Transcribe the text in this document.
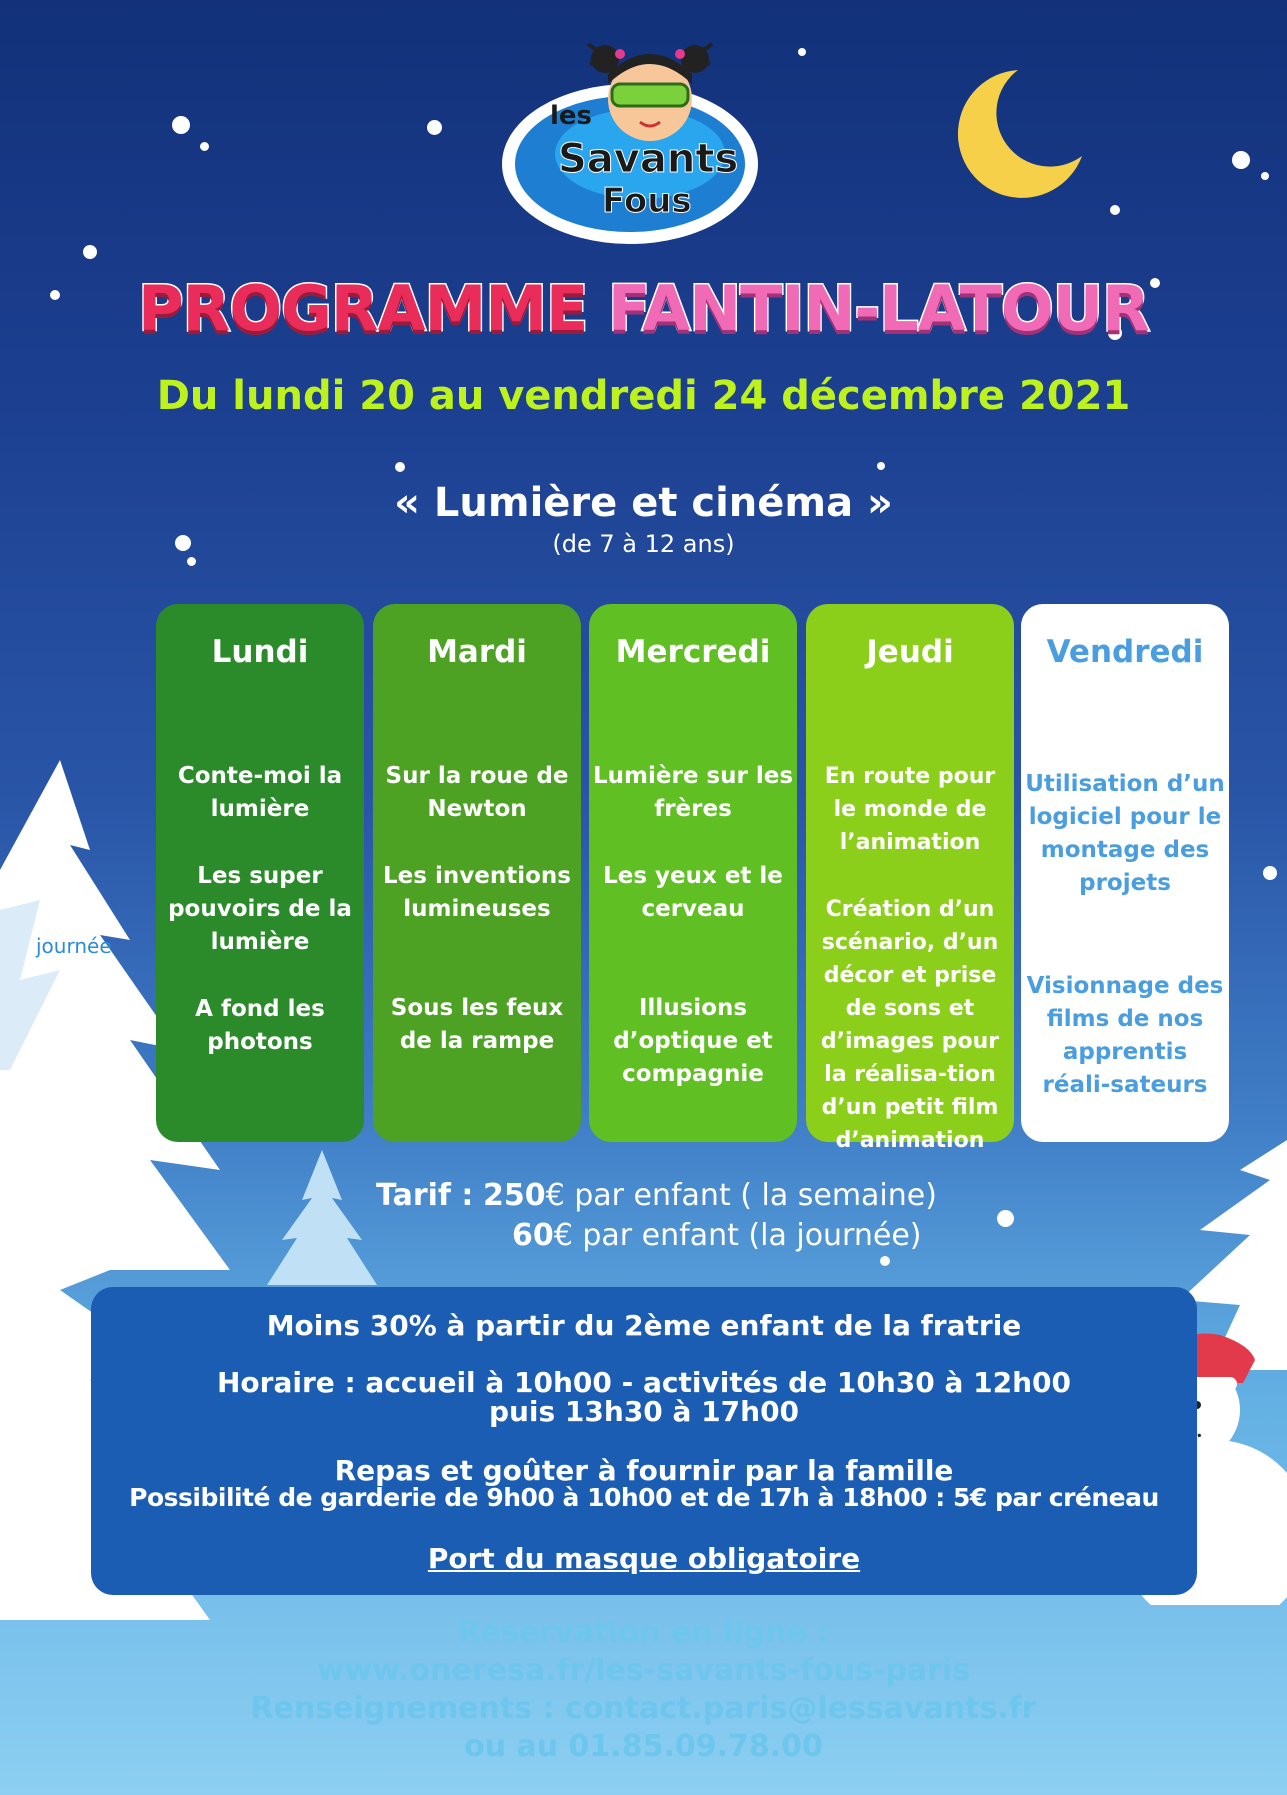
les
Savants
Fous
PROGRAMME FANTIN-LATOUR
Du lundi 20 au vendredi 24 décembre 2021
« Lumière et cinéma »
(de 7 à 12 ans)
journée
Lundi
Conte-moi la lumière
Les super pouvoirs de la lumière
A fond les photons
Mardi
Sur la roue de Newton
Les inventions lumineuses
Sous les feux de la rampe
Mercredi
Lumière sur les frères
Les yeux et le cerveau
Illusions d’optique et compagnie
Jeudi
En route pour le monde de l’animation
Création d’un scénario, d’un décor et prise de sons et d’images pour la réalisa-tion d’un petit film d’animation
Vendredi
Utilisation d’un logiciel pour le montage des projets
Visionnage des films de nos apprentis réali-sateurs
Tarif : 250€ par enfant ( la semaine)
60€ par enfant (la journée)
Moins 30% à partir du 2ème enfant de la fratrie
Horaire : accueil à 10h00 - activités de 10h30 à 12h00
puis 13h30 à 17h00
Repas et goûter à fournir par la famille
Possibilité de garderie de 9h00 à 10h00 et de 17h à 18h00 : 5€ par créneau
Port du masque obligatoire
Réservation en ligne :
www.oneresa.fr/les-savants-fous-paris
Renseignements : contact.paris@lessavants.fr
ou au 01.85.09.78.00
